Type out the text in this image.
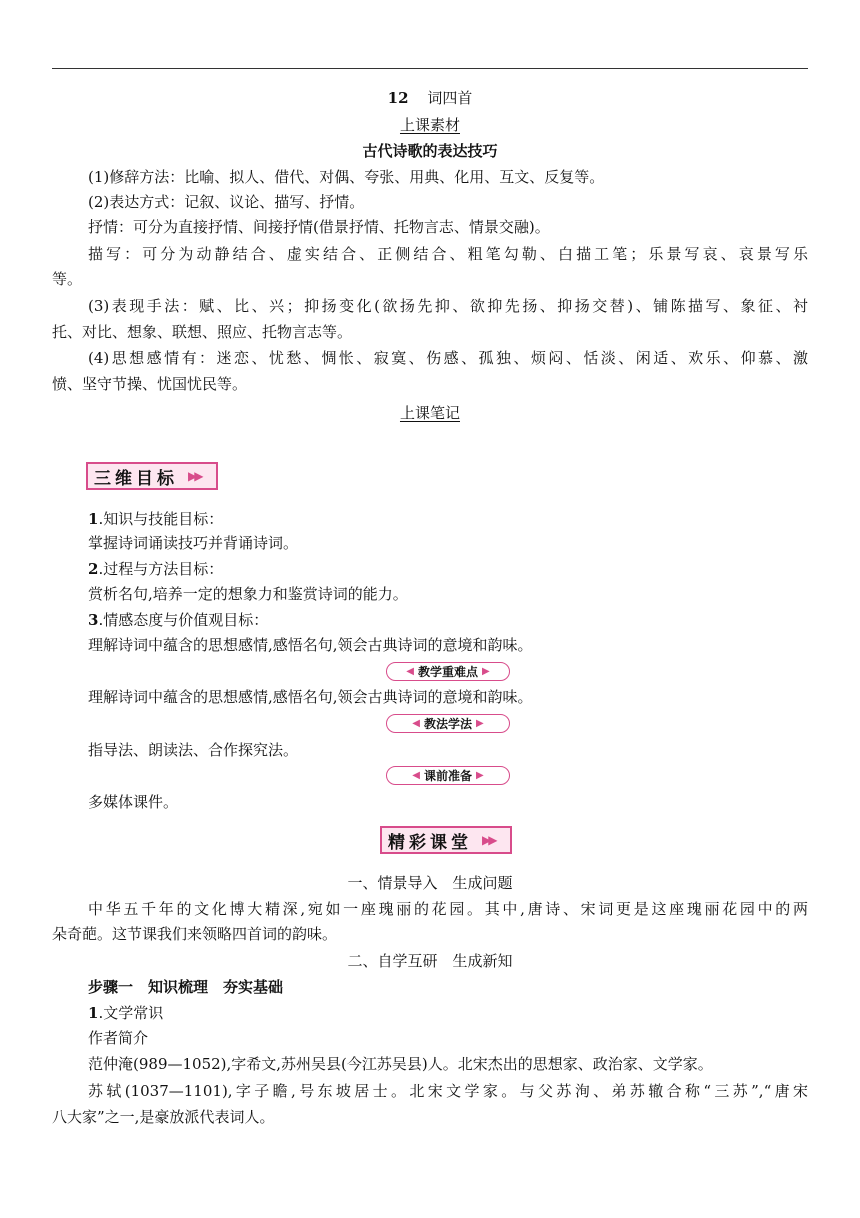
12 词四首
上课素材
古代诗歌的表达技巧
(1)修辞方法：比喻、拟人、借代、对偶、夸张、用典、化用、互文、反复等。
(2)表达方式：记叙、议论、描写、抒情。
抒情：可分为直接抒情、间接抒情(借景抒情、托物言志、情景交融)。
描写：可分为动静结合、虚实结合、正侧结合、粗笔勾勒、白描工笔；乐景写哀、哀景写乐
等。
(3)表现手法：赋、比、兴；抑扬变化(欲扬先抑、欲抑先扬、抑扬交替)、铺陈描写、象征、衬
托、对比、想象、联想、照应、托物言志等。
(4)思想感情有：迷恋、忧愁、惆怅、寂寞、伤感、孤独、烦闷、恬淡、闲适、欢乐、仰慕、激
愤、坚守节操、忧国忧民等。
上课笔记
三维目标 ▶▶
1.知识与技能目标：
掌握诗词诵读技巧并背诵诗词。
2.过程与方法目标：
赏析名句,培养一定的想象力和鉴赏诗词的能力。
3.情感态度与价值观目标：
理解诗词中蕴含的思想感情,感悟名句,领会古典诗词的意境和韵味。
◀ 教学重难点 ▶
理解诗词中蕴含的思想感情,感悟名句,领会古典诗词的意境和韵味。
◀ 教法学法 ▶
指导法、朗读法、合作探究法。
◀ 课前准备 ▶
多媒体课件。
精彩课堂 ▶▶
一、情景导入　生成问题
中华五千年的文化博大精深,宛如一座瑰丽的花园。其中,唐诗、宋词更是这座瑰丽花园中的两
朵奇葩。这节课我们来领略四首词的韵味。
二、自学互研　生成新知
步骤一　知识梳理　夯实基础
1.文学常识
作者简介
范仲淹(989—1052),字希文,苏州吴县(今江苏吴县)人。北宋杰出的思想家、政治家、文学家。
苏轼(1037—1101),字子瞻,号东坡居士。北宋文学家。与父苏洵、弟苏辙合称“三苏”,“唐宋
八大家”之一,是豪放派代表词人。
